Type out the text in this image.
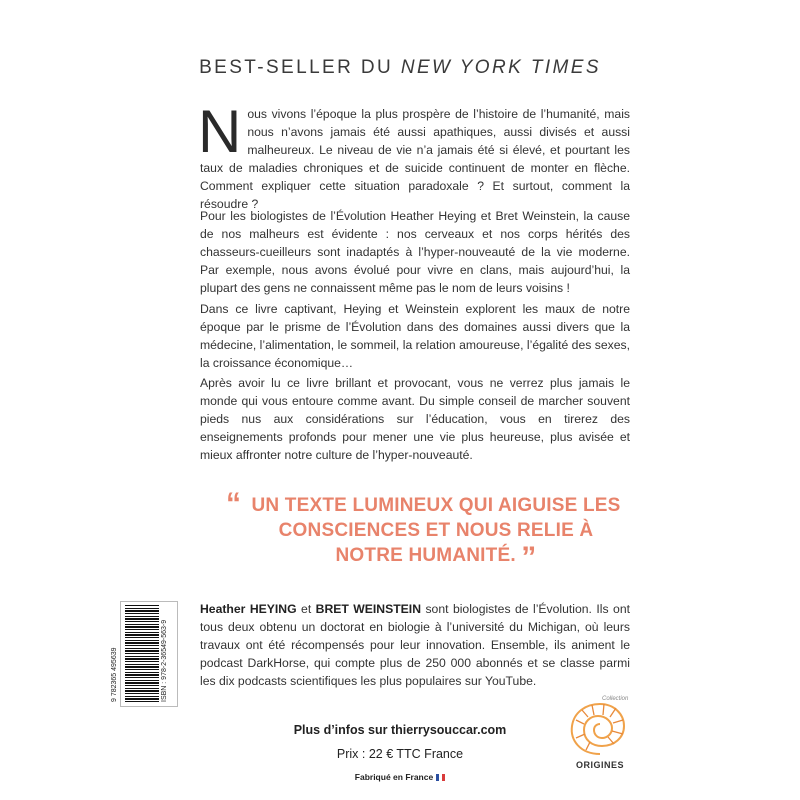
BEST-SELLER DU NEW YORK TIMES

Nous vivons l’époque la plus prospère de l’histoire de l’humanité, mais nous n’avons jamais été aussi apathiques, aussi divisés et aussi malheureux. Le niveau de vie n’a jamais été si élevé, et pourtant les taux de maladies chroniques et de suicide continuent de monter en flèche. Comment expliquer cette situation paradoxale ? Et surtout, comment la résoudre ?

Pour les biologistes de l’Évolution Heather Heying et Bret Weinstein, la cause de nos malheurs est évidente : nos cerveaux et nos corps hérités des chasseurs-cueilleurs sont inadaptés à l’hyper-nouveauté de la vie moderne. Par exemple, nous avons évolué pour vivre en clans, mais aujourd’hui, la plupart des gens ne connaissent même pas le nom de leurs voisins !

Dans ce livre captivant, Heying et Weinstein explorent les maux de notre époque par le prisme de l’Évolution dans des domaines aussi divers que la médecine, l’alimentation, le sommeil, la relation amoureuse, l’égalité des sexes, la croissance économique…

Après avoir lu ce livre brillant et provocant, vous ne verrez plus jamais le monde qui vous entoure comme avant. Du simple conseil de marcher souvent pieds nus aux considérations sur l’éducation, vous en tirerez des enseignements profonds pour mener une vie plus heureuse, plus avisée et mieux affronter notre culture de l’hyper-nouveauté.

“ UN TEXTE LUMINEUX QUI AIGUISE LES
CONSCIENCES ET NOUS RELIE À
NOTRE HUMANITÉ. ”
ISBN : 978-2-36549-563-9
9 782365 495639

Heather HEYING et BRET WEINSTEIN sont biologistes de l’Évolution. Ils ont tous deux obtenu un doctorat en biologie à l’université du Michigan, où leurs travaux ont été récompensés pour leur innovation. Ensemble, ils animent le podcast DarkHorse, qui compte plus de 250 000 abonnés et se classe parmi les dix podcasts scientifiques les plus populaires sur YouTube.

Plus d’infos sur thierrysouccar.com
Prix : 22 € TTC France
Fabriqué en France
Collection
ORIGINES
